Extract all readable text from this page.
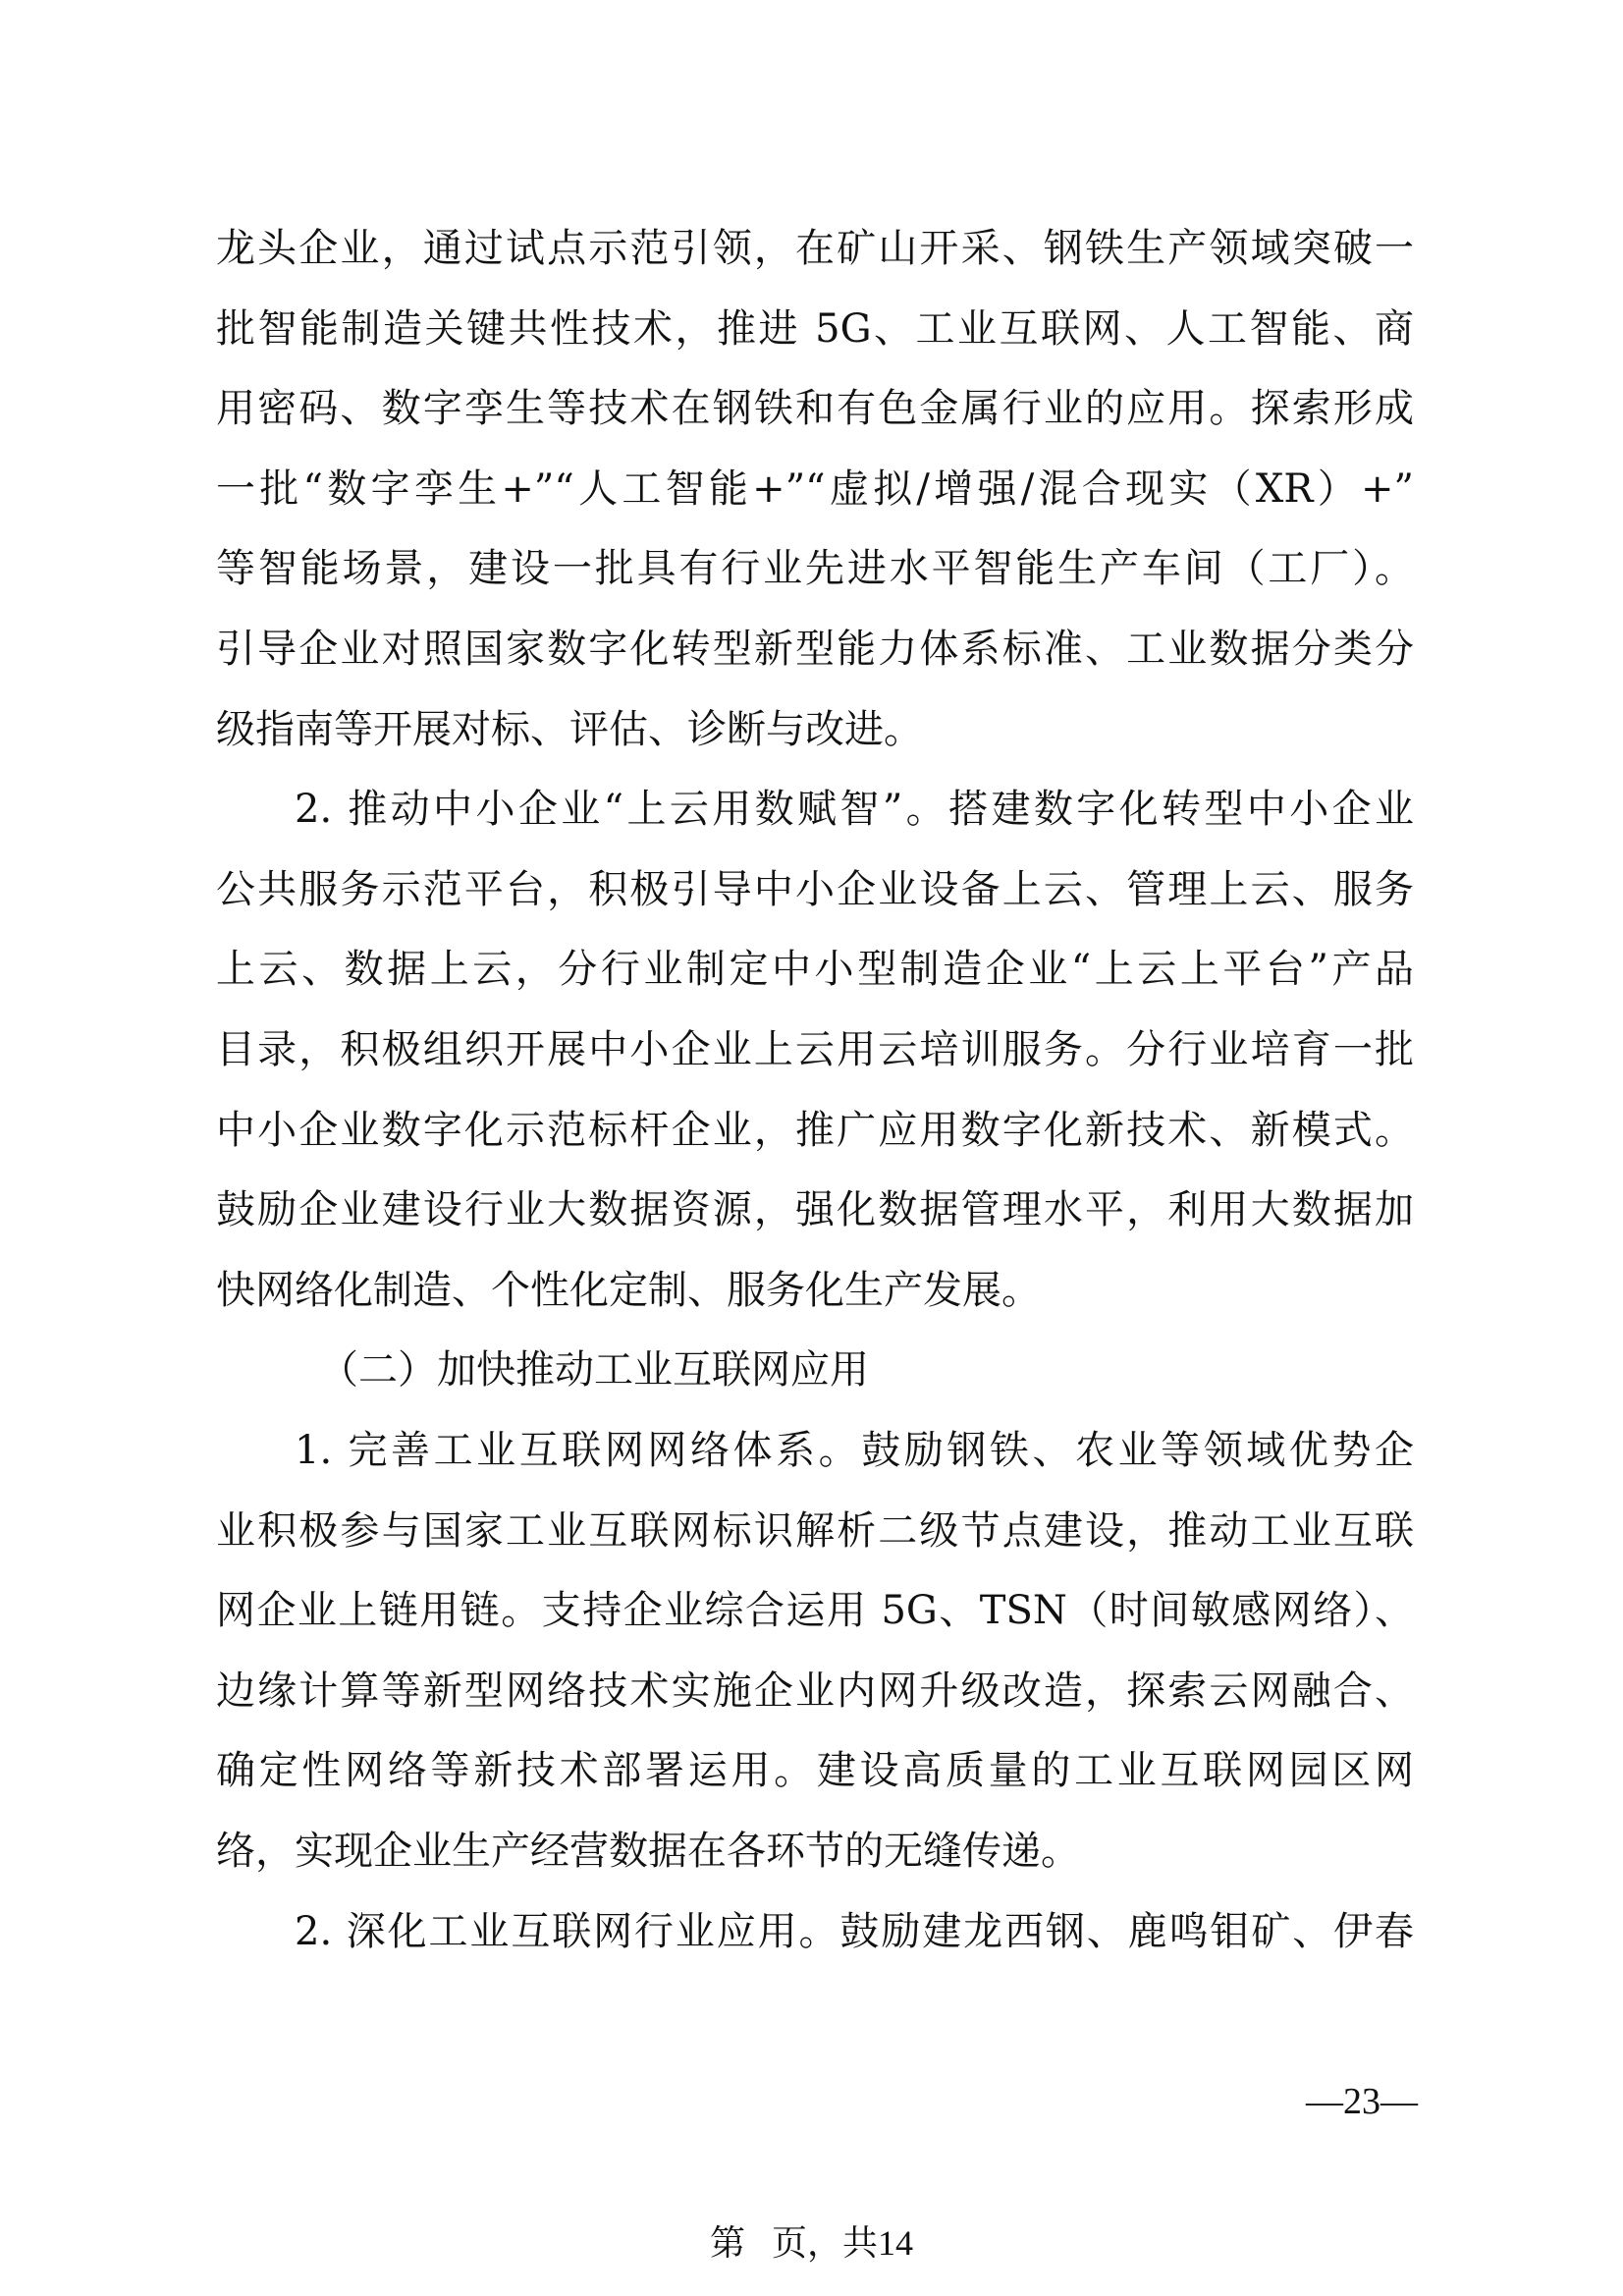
龙头企业，通过试点示范引领，在矿山开采、钢铁生产领域突破一
批智能制造关键共性技术，推进 5G、工业互联网、人工智能、商
用密码、数字孪生等技术在钢铁和有色金属行业的应用。探索形成
一批“数字孪生+”“人工智能+”“虚拟/增强/混合现实（XR）+”
等智能场景，建设一批具有行业先进水平智能生产车间（工厂）。
引导企业对照国家数字化转型新型能力体系标准、工业数据分类分
级指南等开展对标、评估、诊断与改进。
2. 推动中小企业“上云用数赋智”。搭建数字化转型中小企业
公共服务示范平台，积极引导中小企业设备上云、管理上云、服务
上云、数据上云，分行业制定中小型制造企业“上云上平台”产品
目录，积极组织开展中小企业上云用云培训服务。分行业培育一批
中小企业数字化示范标杆企业，推广应用数字化新技术、新模式。
鼓励企业建设行业大数据资源，强化数据管理水平，利用大数据加
快网络化制造、个性化定制、服务化生产发展。
（二）加快推动工业互联网应用
1. 完善工业互联网网络体系。鼓励钢铁、农业等领域优势企
业积极参与国家工业互联网标识解析二级节点建设，推动工业互联
网企业上链用链。支持企业综合运用 5G、TSN（时间敏感网络）、
边缘计算等新型网络技术实施企业内网升级改造，探索云网融合、
确定性网络等新技术部署运用。建设高质量的工业互联网园区网
络，实现企业生产经营数据在各环节的无缝传递。
2. 深化工业互联网行业应用。鼓励建龙西钢、鹿鸣钼矿、伊春
—23—
第   页，共14
